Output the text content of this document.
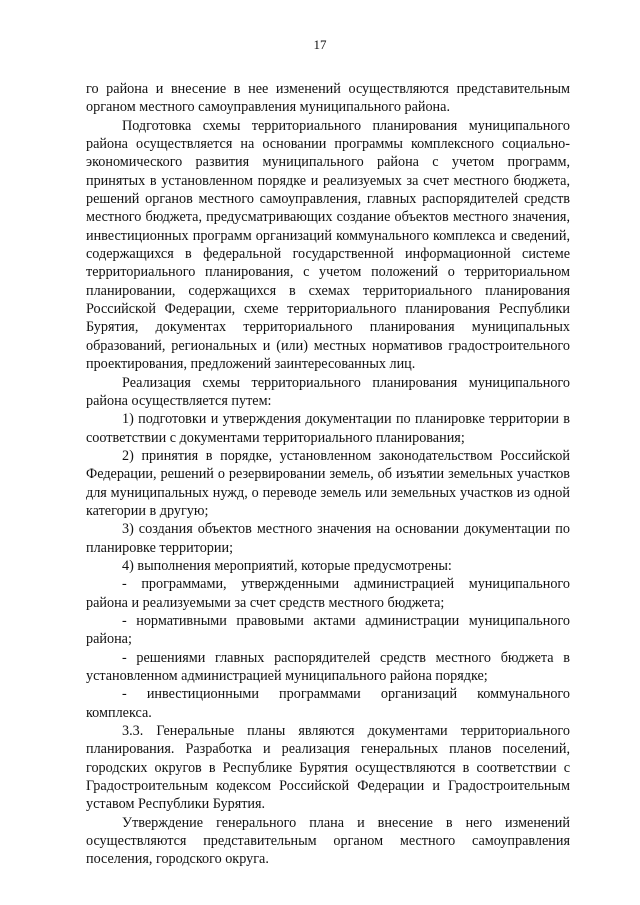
17

го района и внесение в нее изменений осуществляются представительным органом местного самоуправления муниципального района.

Подготовка схемы территориального планирования муниципального района осуществляется на основании программы комплексного социально-экономического развития муниципального района с учетом программ, принятых в установленном порядке и реализуемых за счет местного бюджета, решений органов местного самоуправления, главных распорядителей средств местного бюджета, предусматривающих создание объектов местного значения, инвестиционных программ организаций коммунального комплекса и сведений, содержащихся в федеральной государственной информационной системе территориального планирования, с учетом положений о территориальном планировании, содержащихся в схемах территориального планирования Российской Федерации, схеме территориального планирования Республики Бурятия, документах территориального планирования муниципальных образований, региональных и (или) местных нормативов градостроительного проектирования, предложений заинтересованных лиц.

Реализация схемы территориального планирования муниципального района осуществляется путем:

1) подготовки и утверждения документации по планировке территории в соответствии с документами территориального планирования;

2) принятия в порядке, установленном законодательством Российской Федерации, решений о резервировании земель, об изъятии земельных участков для муниципальных нужд, о переводе земель или земельных участков из одной категории в другую;

3) создания объектов местного значения на основании документации по планировке территории;

4) выполнения мероприятий, которые предусмотрены:

- программами, утвержденными администрацией муниципального района и реализуемыми за счет средств местного бюджета;

- нормативными правовыми актами администрации муниципального района;

- решениями главных распорядителей средств местного бюджета в установленном администрацией муниципального района порядке;

- инвестиционными программами организаций коммунального комплекса.

3.3. Генеральные планы являются документами территориального планирования. Разработка и реализация генеральных планов поселений, городских округов в Республике Бурятия осуществляются в соответствии с Градостроительным кодексом Российской Федерации и Градостроительным уставом Республики Бурятия.

Утверждение генерального плана и внесение в него изменений осуществляются представительным органом местного самоуправления поселения, городского округа.
